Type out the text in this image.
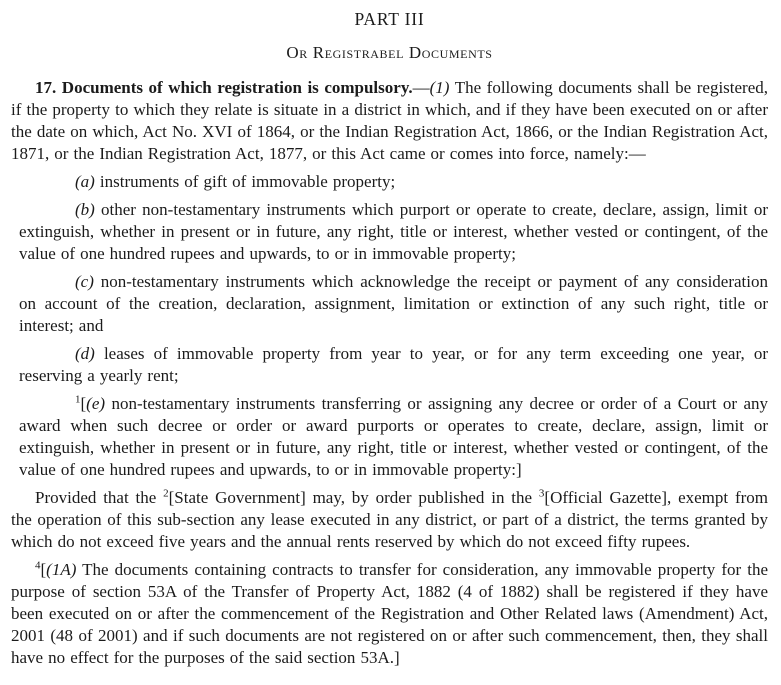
PART III
Or Registrabel Documents

17. Documents of which registration is compulsory.—(1) The following documents shall be registered, if the property to which they relate is situate in a district in which, and if they have been executed on or after the date on which, Act No. XVI of 1864, or the Indian Registration Act, 1866, or the Indian Registration Act, 1871, or the Indian Registration Act, 1877, or this Act came or comes into force, namely:—

(a) instruments of gift of immovable property;

(b) other non-testamentary instruments which purport or operate to create, declare, assign, limit or extinguish, whether in present or in future, any right, title or interest, whether vested or contingent, of the value of one hundred rupees and upwards, to or in immovable property;

(c) non-testamentary instruments which acknowledge the receipt or payment of any consideration on account of the creation, declaration, assignment, limitation or extinction of any such right, title or interest; and

(d) leases of immovable property from year to year, or for any term exceeding one year, or reserving a yearly rent;

$^1$[(e) non-testamentary instruments transferring or assigning any decree or order of a Court or any award when such decree or order or award purports or operates to create, declare, assign, limit or extinguish, whether in present or in future, any right, title or interest, whether vested or contingent, of the value of one hundred rupees and upwards, to or in immovable property:]

Provided that the $^2$[State Government] may, by order published in the $^3$[Official Gazette], exempt from the operation of this sub-section any lease executed in any district, or part of a district, the terms granted by which do not exceed five years and the annual rents reserved by which do not exceed fifty rupees.

$^4$[(1A) The documents containing contracts to transfer for consideration, any immovable property for the purpose of section 53A of the Transfer of Property Act, 1882 (4 of 1882) shall be registered if they have been executed on or after the commencement of the Registration and Other Related laws (Amendment) Act, 2001 (48 of 2001) and if such documents are not registered on or after such commencement, then, they shall have no effect for the purposes of the said section 53A.]
